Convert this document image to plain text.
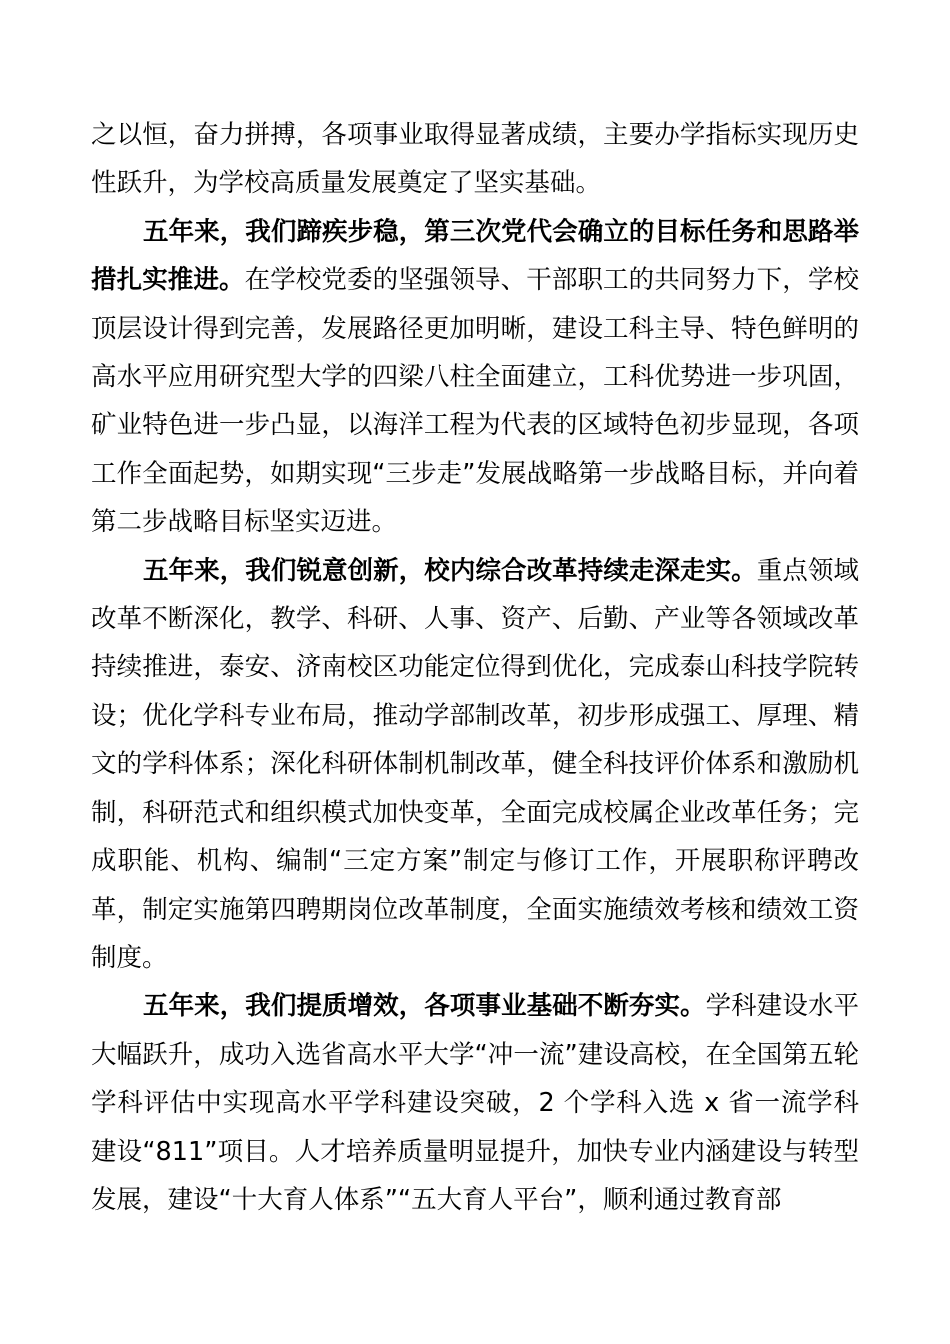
之以恒，奋力拼搏，各项事业取得显著成绩，主要办学指标实现历史性跃升，为学校高质量发展奠定了坚实基础。

五年来，我们蹄疾步稳，第三次党代会确立的目标任务和思路举措扎实推进。在学校党委的坚强领导、干部职工的共同努力下，学校顶层设计得到完善，发展路径更加明晰，建设工科主导、特色鲜明的高水平应用研究型大学的四梁八柱全面建立，工科优势进一步巩固，矿业特色进一步凸显，以海洋工程为代表的区域特色初步显现，各项工作全面起势，如期实现“三步走”发展战略第一步战略目标，并向着第二步战略目标坚实迈进。

五年来，我们锐意创新，校内综合改革持续走深走实。重点领域改革不断深化，教学、科研、人事、资产、后勤、产业等各领域改革持续推进，泰安、济南校区功能定位得到优化，完成泰山科技学院转设；优化学科专业布局，推动学部制改革，初步形成强工、厚理、精文的学科体系；深化科研体制机制改革，健全科技评价体系和激励机制，科研范式和组织模式加快变革，全面完成校属企业改革任务；完成职能、机构、编制“三定方案”制定与修订工作，开展职称评聘改革，制定实施第四聘期岗位改革制度，全面实施绩效考核和绩效工资制度。

五年来，我们提质增效，各项事业基础不断夯实。学科建设水平大幅跃升，成功入选省高水平大学“冲一流”建设高校，在全国第五轮学科评估中实现高水平学科建设突破，2 个学科入选 x 省一流学科建设“811”项目。人才培养质量明显提升，加快专业内涵建设与转型发展，建设“十大育人体系”“五大育人平台”，顺利通过教育部
